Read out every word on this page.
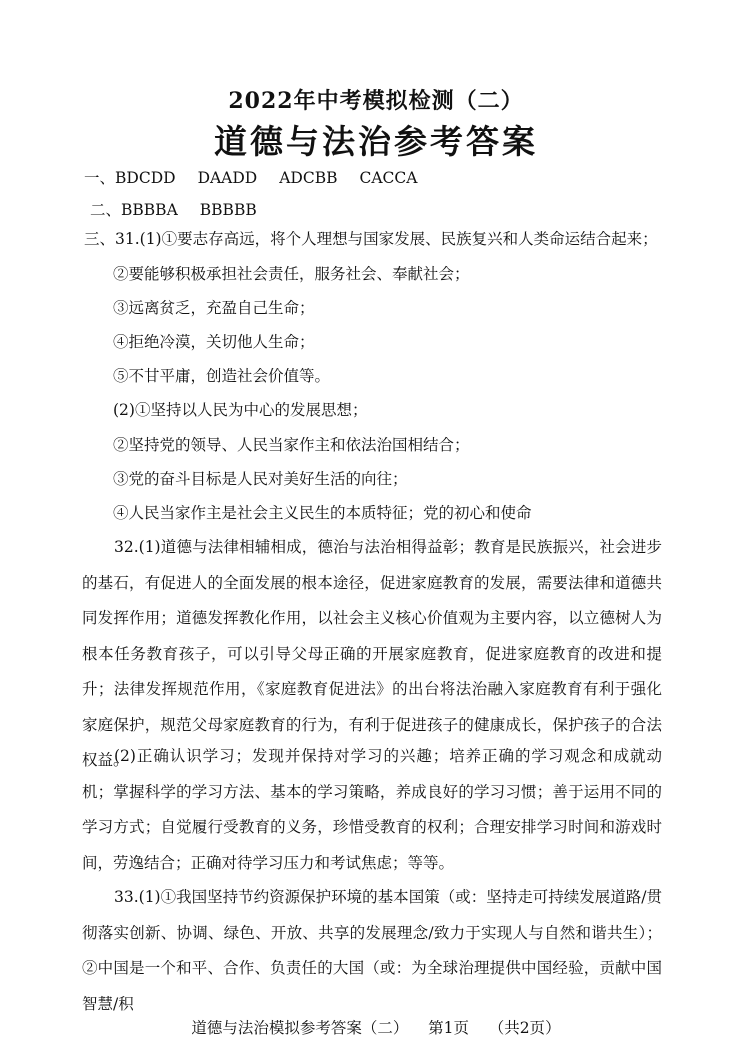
2022年中考模拟检测（二）
道德与法治参考答案
一、BDCDD DAADD ADCBB CACCA
二、BBBBA BBBBB
三、31.(1)①要志存高远，将个人理想与国家发展、民族复兴和人类命运结合起来；
②要能够积极承担社会责任，服务社会、奉献社会；
③远离贫乏，充盈自己生命；
④拒绝冷漠，关切他人生命；
⑤不甘平庸，创造社会价值等。
(2)①坚持以人民为中心的发展思想；
②坚持党的领导、人民当家作主和依法治国相结合；
③党的奋斗目标是人民对美好生活的向往；
④人民当家作主是社会主义民生的本质特征；党的初心和使命
32.(1)道德与法律相辅相成，德治与法治相得益彰；教育是民族振兴，社会进步的基石，有促进人的全面发展的根本途径，促进家庭教育的发展，需要法律和道德共同发挥作用；道德发挥教化作用，以社会主义核心价值观为主要内容，以立德树人为根本任务教育孩子，可以引导父母正确的开展家庭教育，促进家庭教育的改进和提升；法律发挥规范作用，《家庭教育促进法》的出台将法治融入家庭教育有利于强化家庭保护，规范父母家庭教育的行为，有利于促进孩子的健康成长，保护孩子的合法权益。
(2)正确认识学习；发现并保持对学习的兴趣；培养正确的学习观念和成就动机；掌握科学的学习方法、基本的学习策略，养成良好的学习习惯；善于运用不同的学习方式；自觉履行受教育的义务，珍惜受教育的权利；合理安排学习时间和游戏时间，劳逸结合；正确对待学习压力和考试焦虑；等等。
33.(1)①我国坚持节约资源保护环境的基本国策（或：坚持走可持续发展道路/贯彻落实创新、协调、绿色、开放、共享的发展理念/致力于实现人与自然和谐共生）；②中国是一个和平、合作、负责任的大国（或：为全球治理提供中国经验，贡献中国智慧/积
道德与法治模拟参考答案（二）    第1页    （共2页）
